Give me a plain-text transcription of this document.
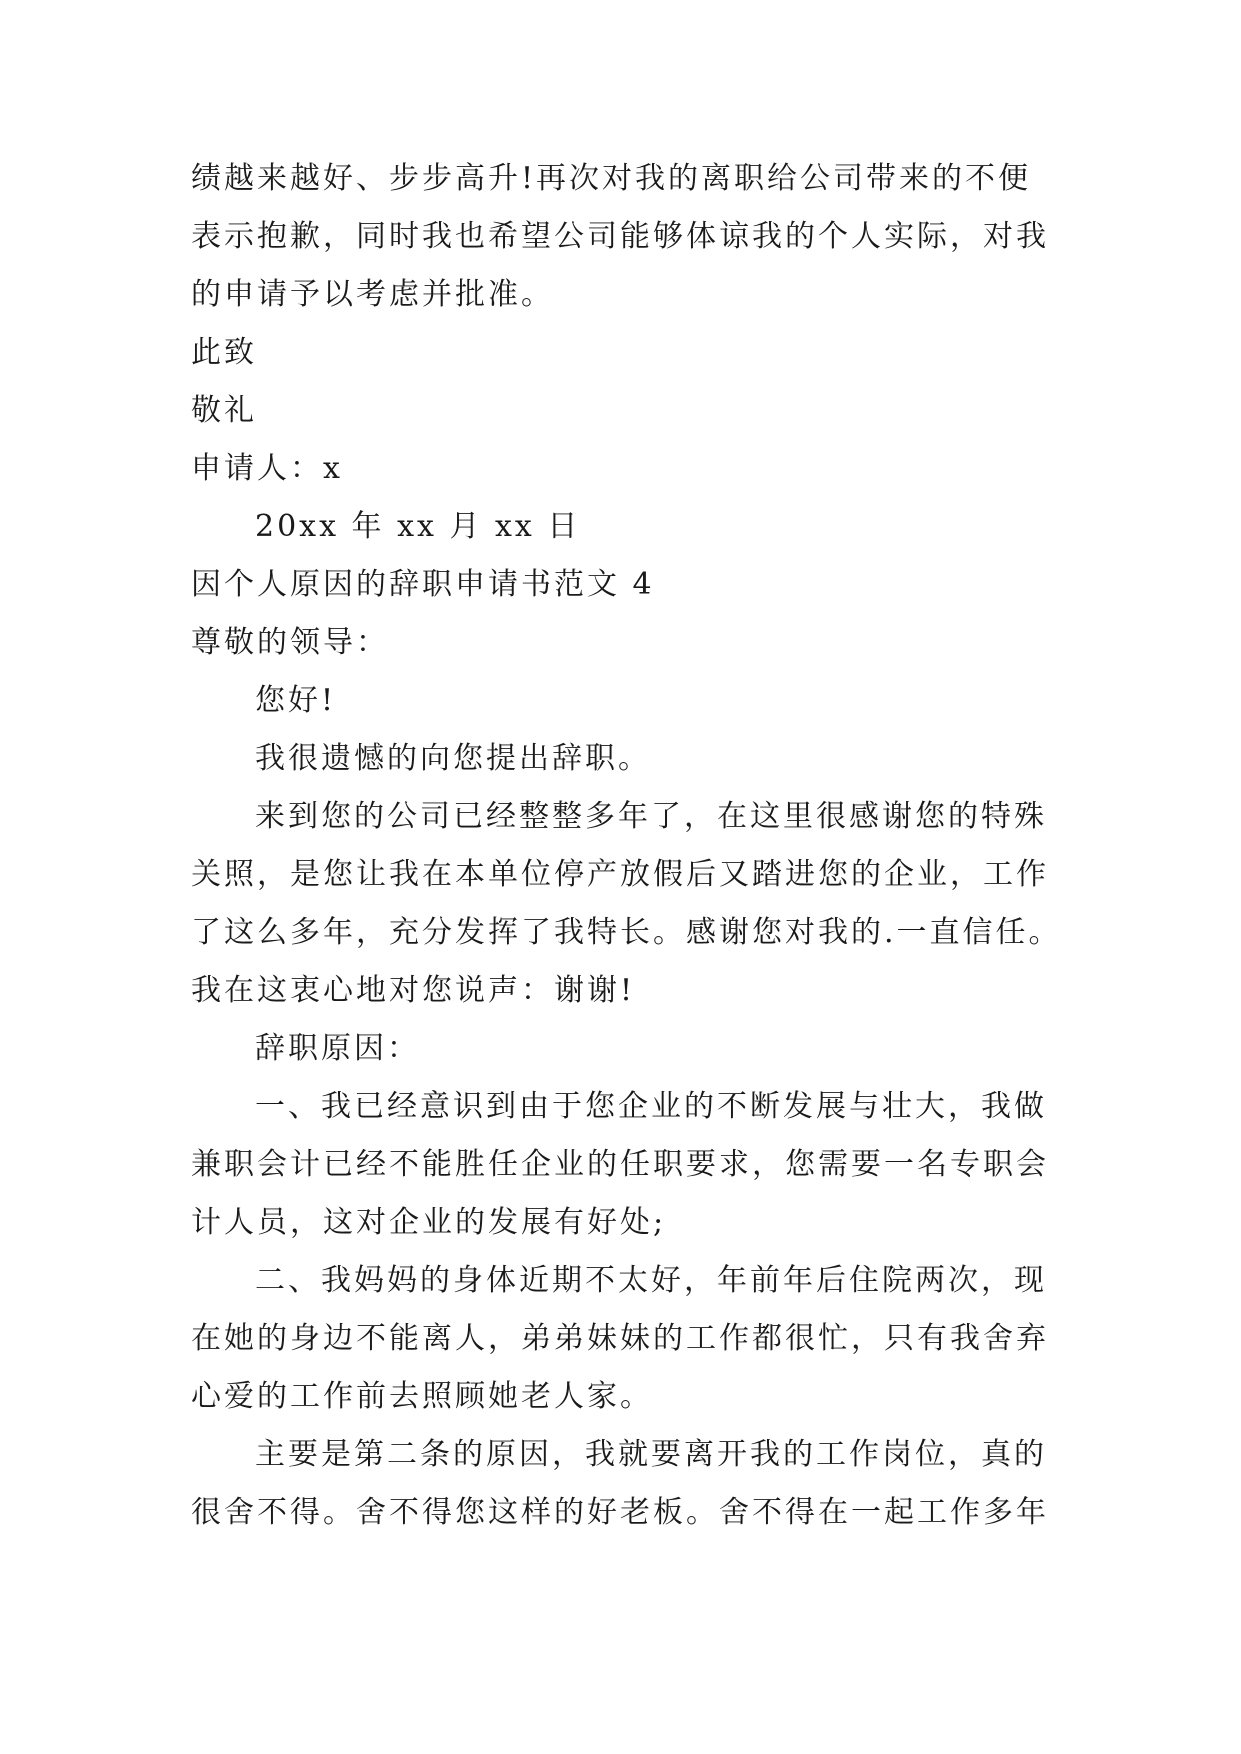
绩越来越好、步步高升!再次对我的离职给公司带来的不便
表示抱歉，同时我也希望公司能够体谅我的个人实际，对我
的申请予以考虑并批准。
此致
敬礼
申请人：x
20xx 年 xx 月 xx 日
因个人原因的辞职申请书范文 4
尊敬的领导：
您好!
我很遗憾的向您提出辞职。
来到您的公司已经整整多年了，在这里很感谢您的特殊
关照，是您让我在本单位停产放假后又踏进您的企业，工作
了这么多年，充分发挥了我特长。感谢您对我的.一直信任。
我在这衷心地对您说声：谢谢!
辞职原因：
一、我已经意识到由于您企业的不断发展与壮大，我做
兼职会计已经不能胜任企业的任职要求，您需要一名专职会
计人员，这对企业的发展有好处;
二、我妈妈的身体近期不太好，年前年后住院两次，现
在她的身边不能离人，弟弟妹妹的工作都很忙，只有我舍弃
心爱的工作前去照顾她老人家。
主要是第二条的原因，我就要离开我的工作岗位，真的
很舍不得。舍不得您这样的好老板。舍不得在一起工作多年
